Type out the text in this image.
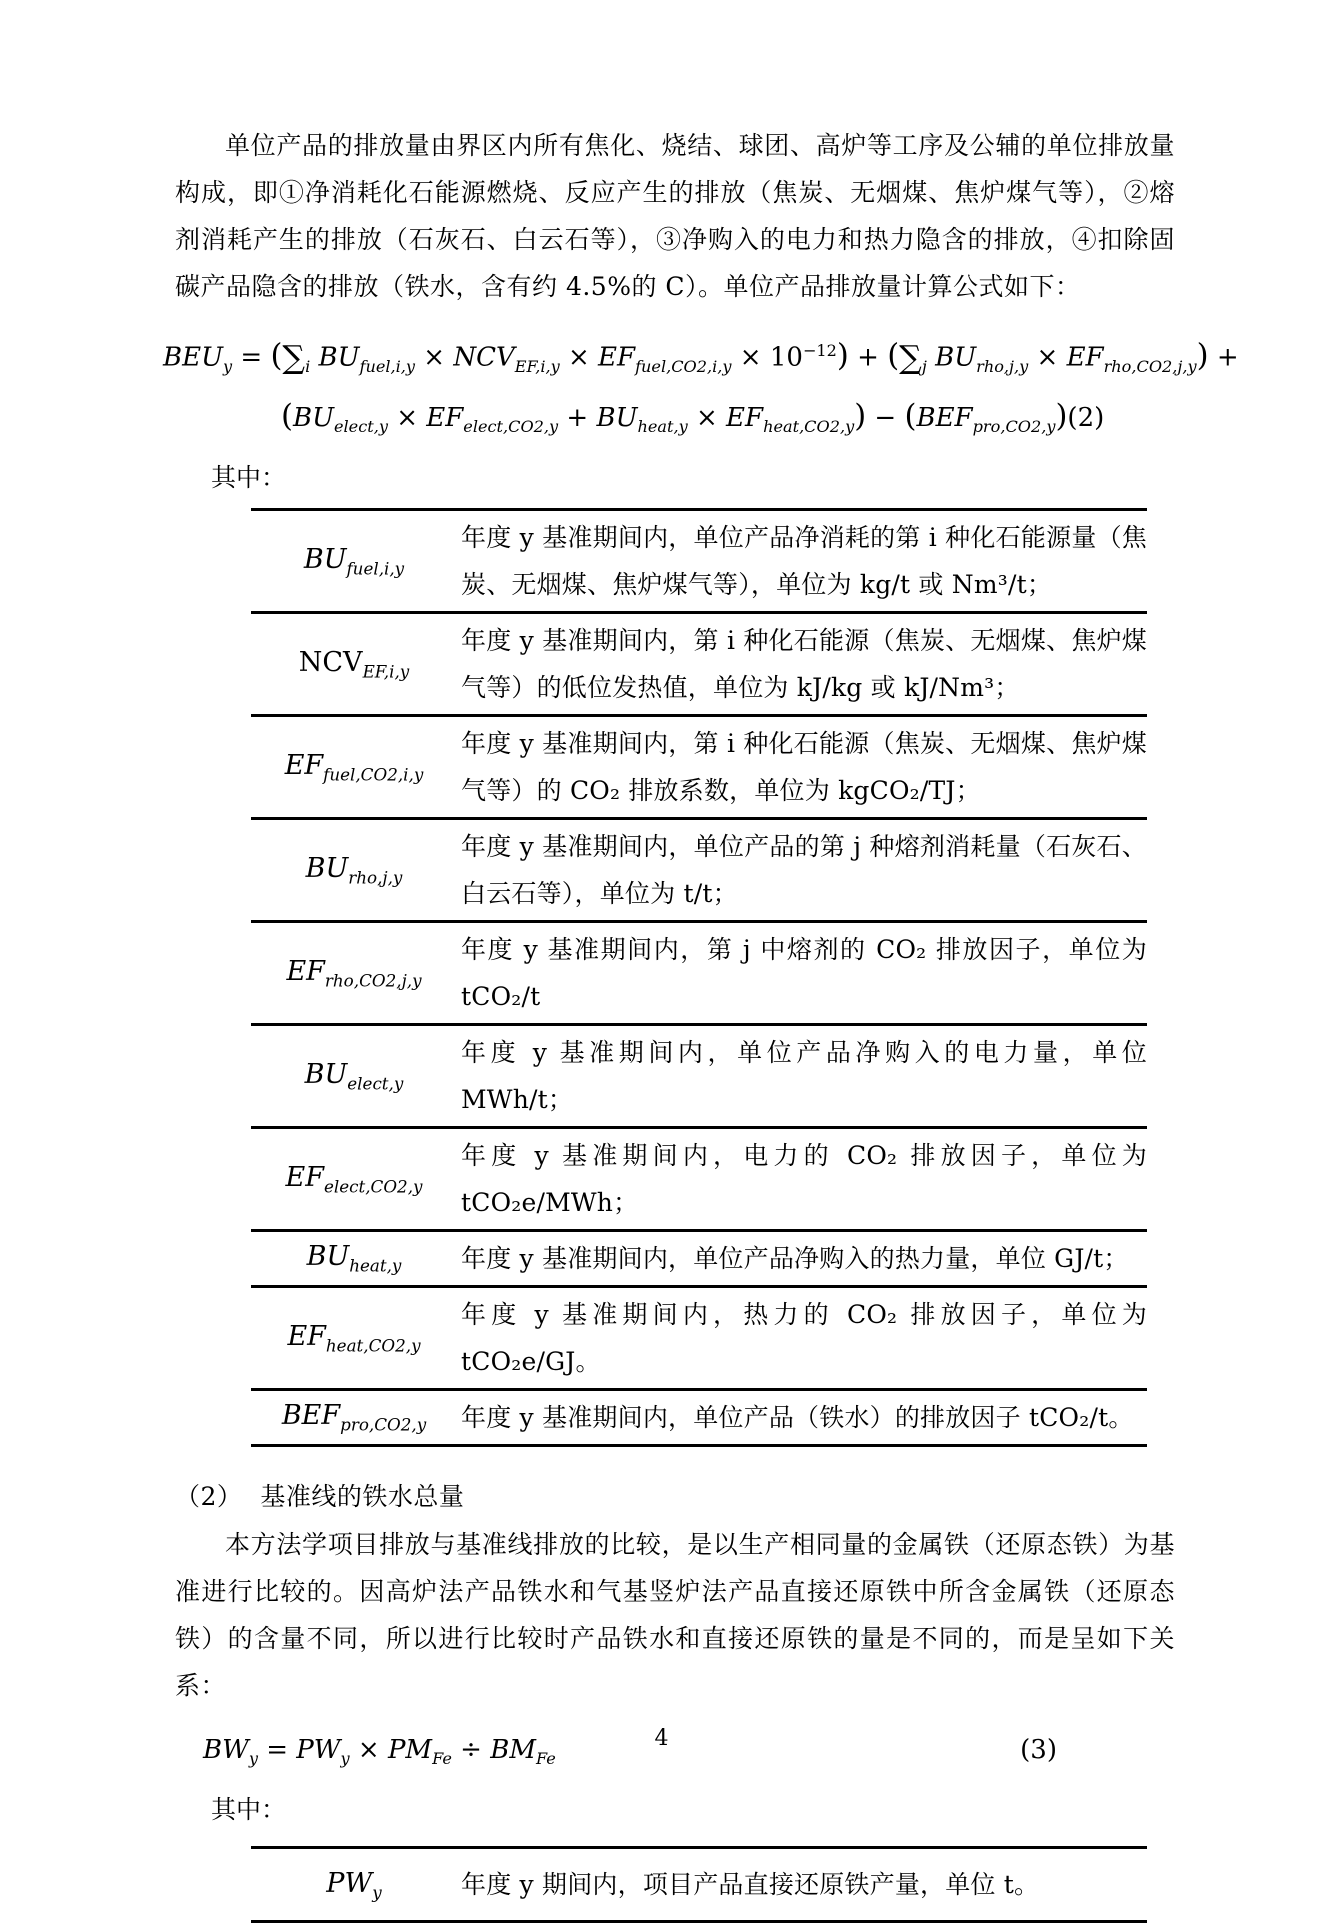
单位产品的排放量由界区内所有焦化、烧结、球团、高炉等工序及公辅的单位排放量构成，即①净消耗化石能源燃烧、反应产生的排放（焦炭、无烟煤、焦炉煤气等），②熔剂消耗产生的排放（石灰石、白云石等），③净购入的电力和热力隐含的排放，④扣除固碳产品隐含的排放（铁水，含有约 4.5%的 C）。单位产品排放量计算公式如下：

$BEU_y = (\sum_i$ $BU_{fuel,i,y} \times NCV_{EF,i,y} \times EF_{fuel,CO2,i,y} \times 10^{-12}) + (\sum_j$ $BU_{rho,j,y} \times EF_{rho,CO2,j,y}$) +
$(BU_{elect,y} \times EF_{elect,CO2,y} + BU_{heat,y} \times EF_{heat,CO2,y}) - (BEF_{pro,CO2,y})$ (2)
其中：
$BU_{fuel,i,y}$	年度 y 基准期间内，单位产品净消耗的第 i 种化石能源量（焦炭、无烟煤、焦炉煤气等），单位为 kg/t 或 Nm³/t；
$NCV_{EF,i,y}$	年度 y 基准期间内，第 i 种化石能源（焦炭、无烟煤、焦炉煤气等）的低位发热值，单位为 kJ/kg 或 kJ/Nm³；
$EF_{fuel,CO2,i,y}$	年度 y 基准期间内，第 i 种化石能源（焦炭、无烟煤、焦炉煤气等）的 CO₂ 排放系数，单位为 kgCO₂/TJ；
$BU_{rho,j,y}$	年度 y 基准期间内，单位产品的第 j 种熔剂消耗量（石灰石、白云石等），单位为 t/t；
$EF_{rho,CO2,j,y}$	年度 y 基准期间内，第 j 中熔剂的 CO₂ 排放因子，单位为 tCO₂/t
$BU_{elect,y}$	年度 y 基准期间内，单位产品净购入的电力量，单位 MWh/t；
$EF_{elect,CO2,y}$	年度 y 基准期间内，电力的 CO₂ 排放因子，单位为 tCO₂e/MWh；
$BU_{heat,y}$	年度 y 基准期间内，单位产品净购入的热力量，单位 GJ/t；
$EF_{heat,CO2,y}$	年度 y 基准期间内，热力的 CO₂ 排放因子，单位为 tCO₂e/GJ。
$BEF_{pro,CO2,y}$	年度 y 基准期间内，单位产品（铁水）的排放因子 tCO₂/t。
（2） 基准线的铁水总量

本方法学项目排放与基准线排放的比较，是以生产相同量的金属铁（还原态铁）为基准进行比较的。因高炉法产品铁水和气基竖炉法产品直接还原铁中所含金属铁（还原态铁）的含量不同，所以进行比较时产品铁水和直接还原铁的量是不同的，而是呈如下关系：

$BW_y = PW_y \times PM_{Fe} \div BM_{Fe}$	(3)
其中：
$PW_y$	年度 y 期间内，项目产品直接还原铁产量，单位 t。
4
